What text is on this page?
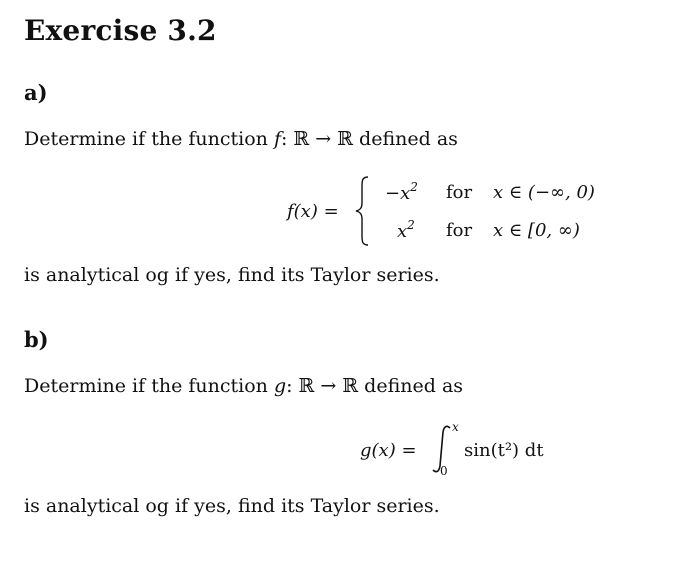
Exercise 3.2
a)
Determine if the function f: ℝ → ℝ defined as
f(x) =
$-x^2$ for x ∈ (−∞, 0)
$x^2$ for x ∈ [0, ∞)
is analytical og if yes, find its Taylor series.
b)
Determine if the function g: ℝ → ℝ defined as
g(x) =
x
0
sin(t²) dt
is analytical og if yes, find its Taylor series.
